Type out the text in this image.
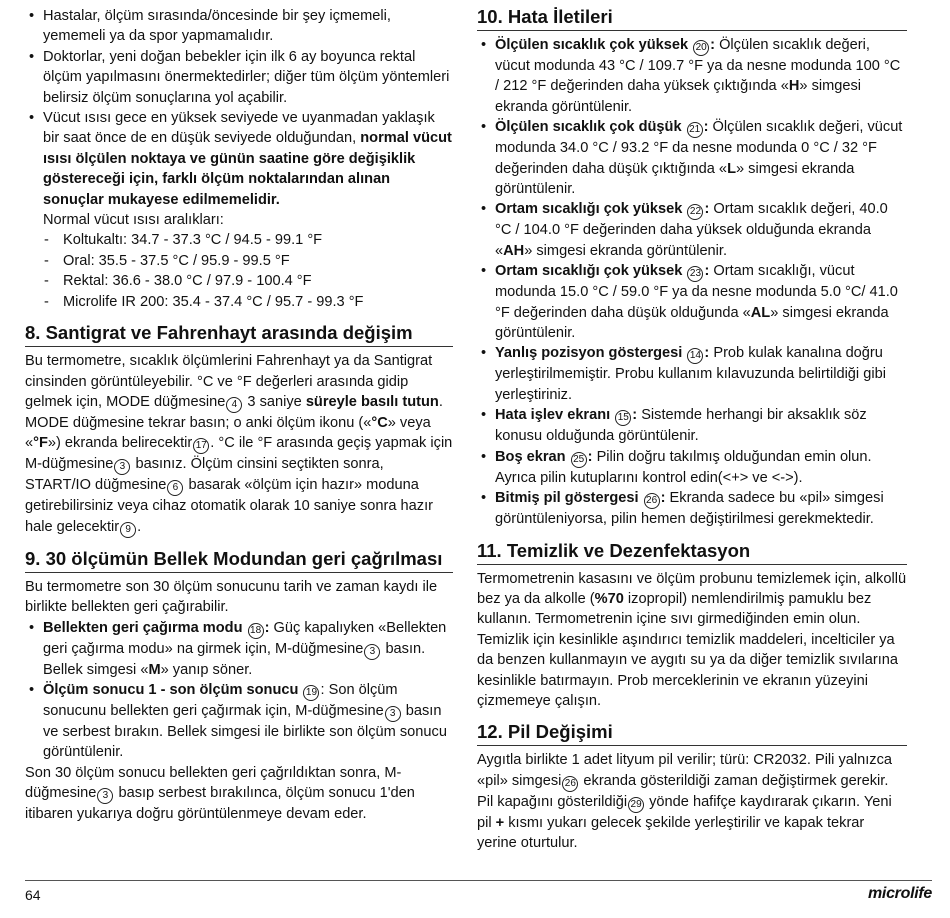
• Hastalar, ölçüm sırasında/öncesinde bir şey içmemeli, yememeli ya da spor yapmamalıdır.
• Doktorlar, yeni doğan bebekler için ilk 6 ay boyunca rektal ölçüm yapılmasını önermektedirler; diğer tüm ölçüm yöntemleri belirsiz ölçüm sonuçlarına yol açabilir.
• Vücut ısısı gece en yüksek seviyede ve uyanmadan yaklaşık bir saat önce de en düşük seviyede olduğundan, normal vücut ısısı ölçülen noktaya ve günün saatine göre değişiklik göstereceği için, farklı ölçüm noktalarından alınan sonuçlar mukayese edilmemelidir.
Normal vücut ısısı aralıkları:
- Koltukaltı: 34.7 - 37.3 °C / 94.5 - 99.1 °F
- Oral: 35.5 - 37.5 °C / 95.9 - 99.5 °F
- Rektal: 36.6 - 38.0 °C / 97.9 - 100.4 °F
- Microlife IR 200: 35.4 - 37.4 °C / 95.7 - 99.3 °F
8. Santigrat ve Fahrenhayt arasında değişim

Bu termometre, sıcaklık ölçümlerini Fahrenhayt ya da Santigrat cinsinden görüntüleyebilir. °C ve °F değerleri arasında gidip gelmek için, MODE düğmesine 4 3 saniye süreyle basılı tutun. MODE düğmesine tekrar basın; o anki ölçüm ikonu («°C» veya «°F») ekranda belirecektir 17 . °C ile °F arasında geçiş yapmak için M-düğmesine 3 basınız. Ölçüm cinsini seçtikten sonra, START/IO düğmesine 6 basarak «ölçüm için hazır» moduna getirebilirsiniz veya cihaz otomatik olarak 10 saniye sonra hazır hale gelecektir 9 .

9. 30 ölçümün Bellek Modundan geri çağrılması

Bu termometre son 30 ölçüm sonucunu tarih ve zaman kaydı ile birlikte bellekten geri çağırabilir.

• Bellekten geri çağırma modu 18 : Güç kapalıyken «Bellekten geri çağırma modu» na girmek için, M-düğmesine 3 basın. Bellek simgesi «M» yanıp söner.
• Ölçüm sonucu 1 - son ölçüm sonucu 19 : Son ölçüm sonucunu bellekten geri çağırmak için, M-düğmesine 3 basın ve serbest bırakın. Bellek simgesi ile birlikte son ölçüm sonucu görüntülenir.

Son 30 ölçüm sonucu bellekten geri çağrıldıktan sonra, M-düğmesine 3 basıp serbest bırakılınca, ölçüm sonucu 1'den itibaren yukarıya doğru görüntülenmeye devam eder.

10. Hata İletileri
• Ölçülen sıcaklık çok yüksek 20 : Ölçülen sıcaklık değeri, vücut modunda 43 °C / 109.7 °F ya da nesne modunda 100 °C / 212 °F değerinden daha yüksek çıktığında «H» simgesi ekranda görüntülenir.
• Ölçülen sıcaklık çok düşük 21 : Ölçülen sıcaklık değeri, vücut modunda 34.0 °C / 93.2 °F da nesne modunda 0 °C / 32 °F değerinden daha düşük çıktığında «L» simgesi ekranda görüntülenir.
• Ortam sıcaklığı çok yüksek 22 : Ortam sıcaklık değeri, 40.0 °C / 104.0 °F değerinden daha yüksek olduğunda ekranda «AH» simgesi ekranda görüntülenir.
• Ortam sıcaklığı çok yüksek 23 : Ortam sıcaklığı, vücut modunda 15.0 °C / 59.0 °F ya da nesne modunda 5.0 °C/ 41.0 °F değerinden daha düşük olduğunda «AL» simgesi ekranda görüntülenir.
• Yanlış pozisyon göstergesi 14 : Prob kulak kanalına doğru yerleştirilmemiştir. Probu kullanım kılavuzunda belirtildiği gibi yerleştiriniz.
• Hata işlev ekranı 15 : Sistemde herhangi bir aksaklık söz konusu olduğunda görüntülenir.
• Boş ekran 25 : Pilin doğru takılmış olduğundan emin olun. Ayrıca pilin kutuplarını kontrol edin(<+> ve <->).
• Bitmiş pil göstergesi 26 : Ekranda sadece bu «pil» simgesi görüntüleniyorsa, pilin hemen değiştirilmesi gerekmektedir.
11. Temizlik ve Dezenfektasyon

Termometrenin kasasını ve ölçüm probunu temizlemek için, alkollü bez ya da alkolle (%70 izopropil) nemlendirilmiş pamuklu bez kullanın. Termometrenin içine sıvı girmediğinden emin olun. Temizlik için kesinlikle aşındırıcı temizlik maddeleri, incelticiler ya da benzen kullanmayın ve aygıtı su ya da diğer temizlik sıvılarına kesinlikle batırmayın. Prob merceklerinin ve ekranın yüzeyini çizmemeye çalışın.

12. Pil Değişimi

Aygıtla birlikte 1 adet lityum pil verilir; türü: CR2032. Pili yalnızca «pil» simgesi 26 ekranda gösterildiği zaman değiştirmek gerekir. Pil kapağını gösterildiği 29 yönde hafifçe kaydırarak çıkarın. Yeni pil + kısmı yukarı gelecek şekilde yerleştirilir ve kapak tekrar yerine oturtulur.

64	microlife
